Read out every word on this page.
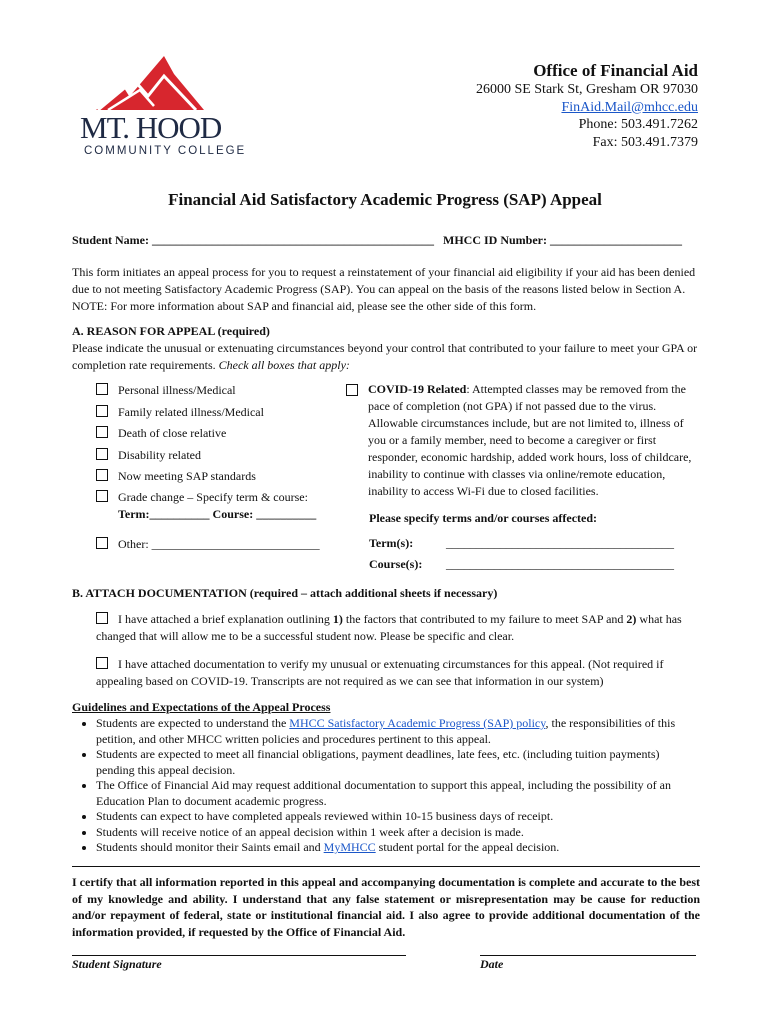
MT. HOOD
COMMUNITY COLLEGE
Office of Financial Aid
26000 SE Stark St, Gresham OR 97030
FinAid.Mail@mhcc.edu
Phone: 503.491.7262
Fax: 503.491.7379
Financial Aid Satisfactory Academic Progress (SAP) Appeal
Student Name: _______________________________________________ MHCC ID Number: ______________________
This form initiates an appeal process for you to request a reinstatement of your financial aid eligibility if your aid has been denied due to not meeting Satisfactory Academic Progress (SAP). You can appeal on the basis of the reasons listed below in Section A. NOTE: For more information about SAP and financial aid, please see the other side of this form.
A. REASON FOR APPEAL (required)
Please indicate the unusual or extenuating circumstances beyond your control that contributed to your failure to meet your GPA or completion rate requirements. Check all boxes that apply:
Personal illness/Medical
Family related illness/Medical
Death of close relative
Disability related
Now meeting SAP standards
Grade change – Specify term & course:
Term:__________ Course: __________
Other: ____________________________
COVID-19 Related: Attempted classes may be removed from the pace of completion (not GPA) if not passed due to the virus. Allowable circumstances include, but are not limited to, illness of you or a family member, need to become a caregiver or first responder, economic hardship, added work hours, loss of childcare, inability to continue with classes via online/remote education, inability to access Wi-Fi due to closed facilities.
Please specify terms and/or courses affected:
Term(s):	______________________________________
Course(s): ______________________________________
B. ATTACH DOCUMENTATION (required – attach additional sheets if necessary)
I have attached a brief explanation outlining 1) the factors that contributed to my failure to meet SAP and 2) what has changed that will allow me to be a successful student now. Please be specific and clear.
I have attached documentation to verify my unusual or extenuating circumstances for this appeal. (Not required if appealing based on COVID-19. Transcripts are not required as we can see that information in our system)
Guidelines and Expectations of the Appeal Process
• Students are expected to understand the MHCC Satisfactory Academic Progress (SAP) policy, the responsibilities of this petition, and other MHCC written policies and procedures pertinent to this appeal.
• Students are expected to meet all financial obligations, payment deadlines, late fees, etc. (including tuition payments) pending this appeal decision.
• The Office of Financial Aid may request additional documentation to support this appeal, including the possibility of an Education Plan to document academic progress.
• Students can expect to have completed appeals reviewed within 10-15 business days of receipt.
• Students will receive notice of an appeal decision within 1 week after a decision is made.
• Students should monitor their Saints email and MyMHCC student portal for the appeal decision.
I certify that all information reported in this appeal and accompanying documentation is complete and accurate to the best of my knowledge and ability. I understand that any false statement or misrepresentation may be cause for reduction and/or repayment of federal, state or institutional financial aid. I also agree to provide additional documentation of the information provided, if requested by the Office of Financial Aid.
Student Signature	Date
